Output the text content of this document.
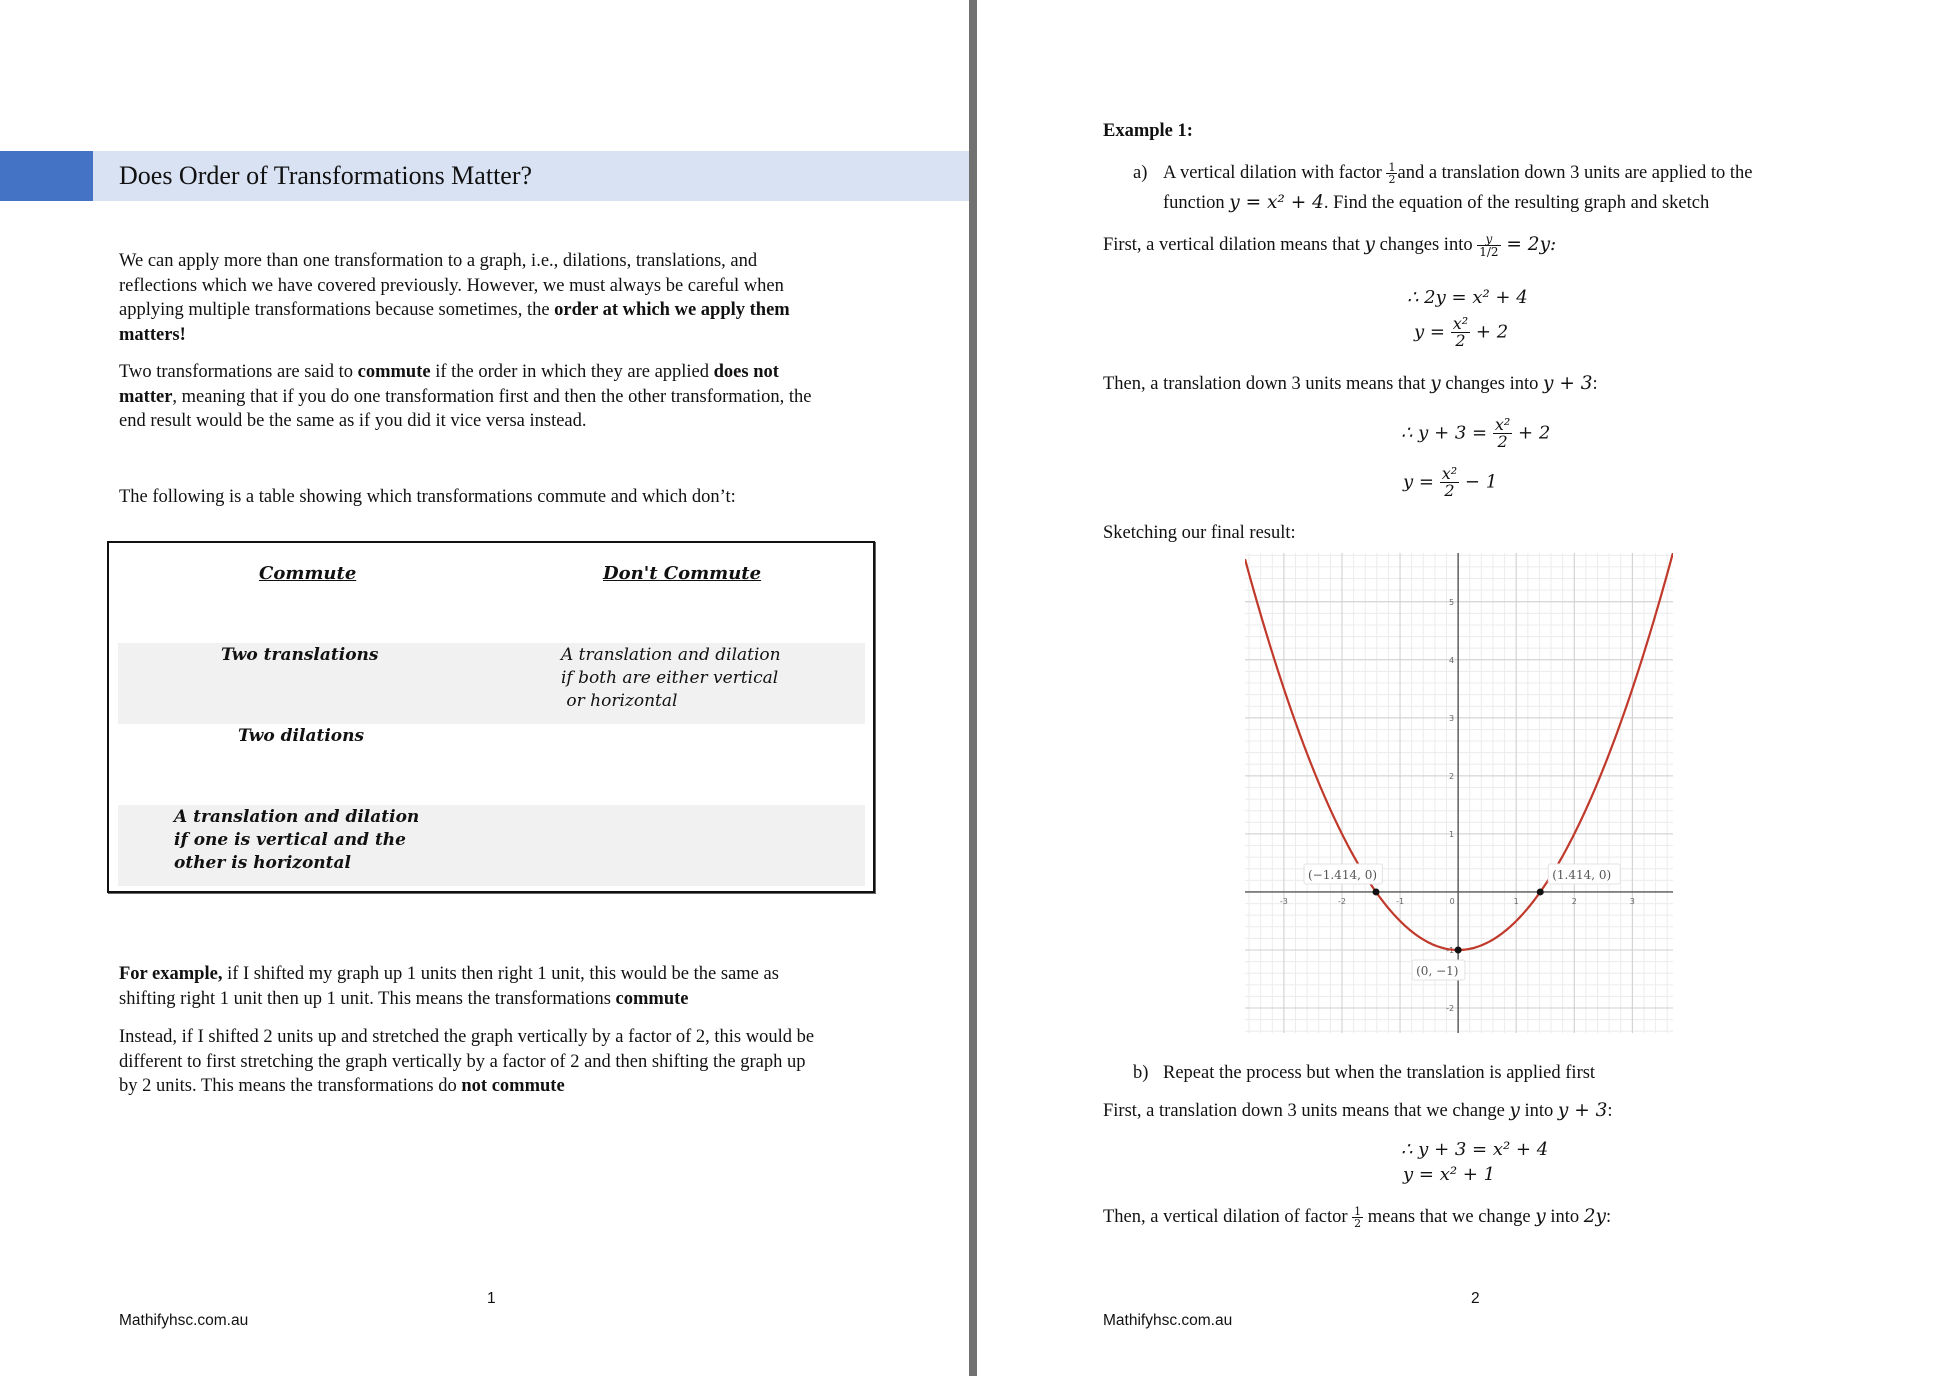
Does Order of Transformations Matter?
We can apply more than one transformation to a graph, i.e., dilations, translations, and
reflections which we have covered previously. However, we must always be careful when
applying multiple transformations because sometimes, the order at which we apply them
matters!
Two transformations are said to commute if the order in which they are applied does not
matter, meaning that if you do one transformation first and then the other transformation, the
end result would be the same as if you did it vice versa instead.
The following is a table showing which transformations commute and which don’t:
Commute	Don't Commute
Two translations	A translation and dilation
if both are either vertical
or horizontal
Two dilations
A translation and dilation
if one is vertical and the
other is horizontal
For example, if I shifted my graph up 1 units then right 1 unit, this would be the same as
shifting right 1 unit then up 1 unit. This means the transformations commute
Instead, if I shifted 2 units up and stretched the graph vertically by a factor of 2, this would be
different to first stretching the graph vertically by a factor of 2 and then shifting the graph up
by 2 units. This means the transformations do not commute
1
Mathifyhsc.com.au
Example 1:
a) A vertical dilation with factor $\frac{1}{2}$ and a translation down 3 units are applied to the
function y = x² + 4. Find the equation of the resulting graph and sketch
First, a vertical dilation means that y changes into $\frac{y}{1/2} = 2y$:
∴ 2y = x² + 4
$y = \frac{\text{x²}}{2} + 2$
Then, a translation down 3 units means that y changes into y + 3:
∴ $y + 3 = \frac{\text{x²}}{2} + 2$
$y = \frac{\text{x²}}{2} - 1$
Sketching our final result:
b) Repeat the process but when the translation is applied first
First, a translation down 3 units means that we change y into y + 3:
∴ y + 3 = x² + 4
y = x² + 1
Then, a vertical dilation of factor $\frac{1}{2}$ means that we change y into 2y:
2
Mathifyhsc.com.au
-3	-2	-1	0	1	2	3
5
4
3
2
1
-1
-2
(−1.414, 0)	(1.414, 0)
(0, −1)
